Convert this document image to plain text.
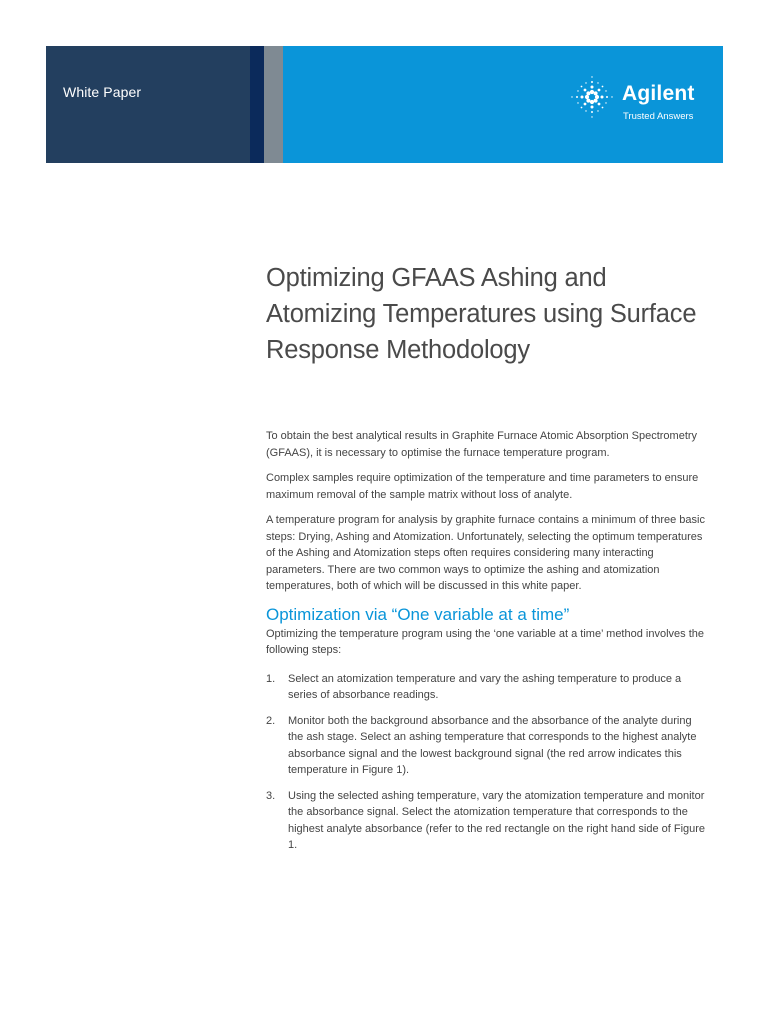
White Paper	Agilent
Trusted Answers
Optimizing GFAAS Ashing and Atomizing Temperatures using Surface Response Methodology

To obtain the best analytical results in Graphite Furnace Atomic Absorption Spectrometry (GFAAS), it is necessary to optimise the furnace temperature program.

Complex samples require optimization of the temperature and time parameters to ensure maximum removal of the sample matrix without loss of analyte.

A temperature program for analysis by graphite furnace contains a minimum of three basic steps: Drying, Ashing and Atomization. Unfortunately, selecting the optimum temperatures of the Ashing and Atomization steps often requires considering many interacting parameters. There are two common ways to optimize the ashing and atomization temperatures, both of which will be discussed in this white paper.

Optimization via “One variable at a time”

Optimizing the temperature program using the ‘one variable at a time’ method involves the following steps:

1. Select an atomization temperature and vary the ashing temperature to produce a series of absorbance readings.
2. Monitor both the background absorbance and the absorbance of the analyte during the ash stage. Select an ashing temperature that corresponds to the highest analyte absorbance signal and the lowest background signal (the red arrow indicates this temperature in Figure 1).
3. Using the selected ashing temperature, vary the atomization temperature and monitor the absorbance signal. Select the atomization temperature that corresponds to the highest analyte absorbance (refer to the red rectangle on the right hand side of Figure 1.
